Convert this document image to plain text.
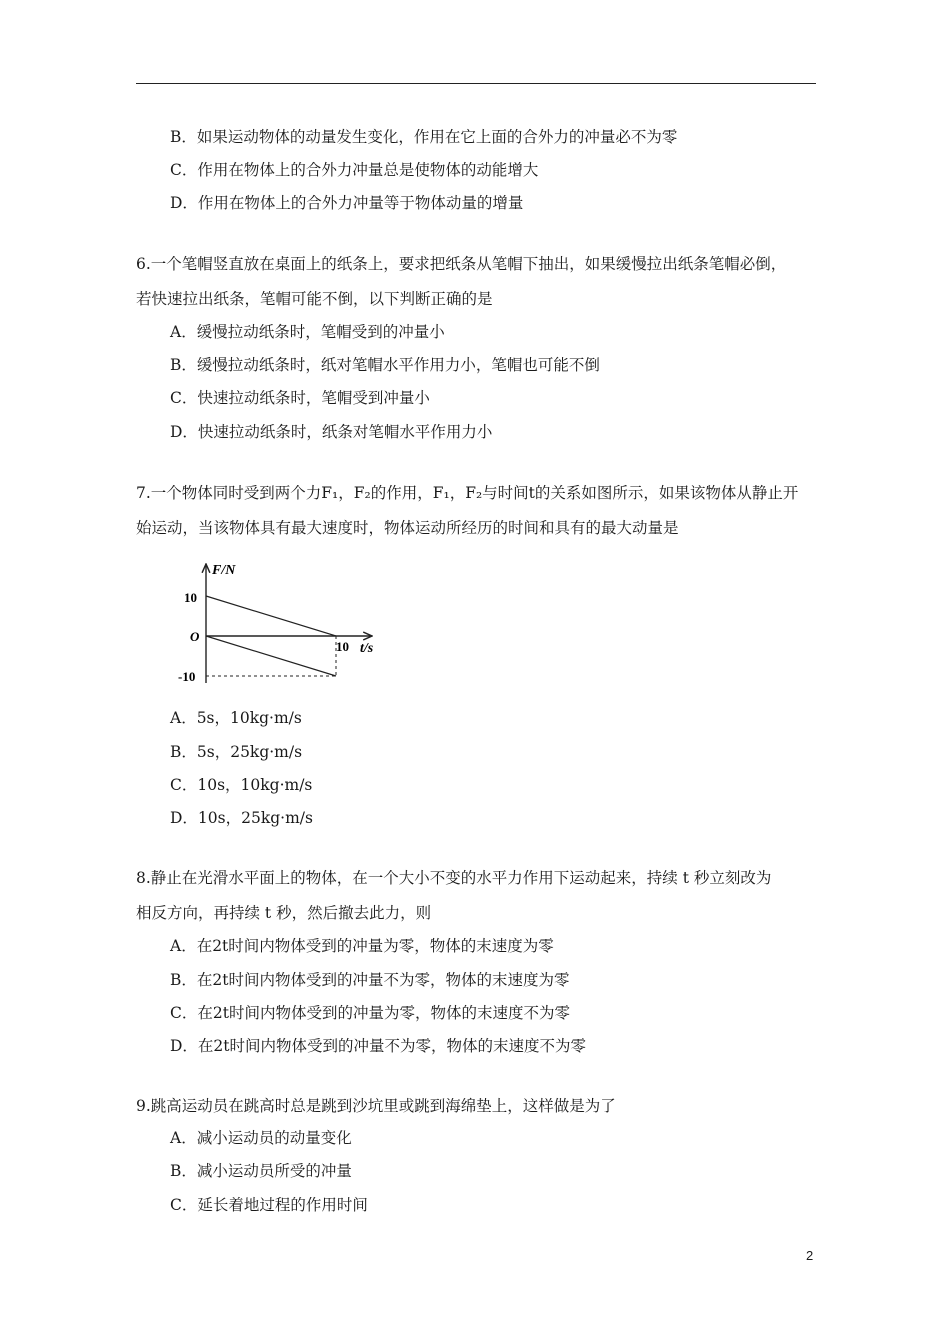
B．如果运动物体的动量发生变化，作用在它上面的合外力的冲量必不为零
C．作用在物体上的合外力冲量总是使物体的动能增大
D．作用在物体上的合外力冲量等于物体动量的增量
6.一个笔帽竖直放在桌面上的纸条上，要求把纸条从笔帽下抽出，如果缓慢拉出纸条笔帽必倒，
若快速拉出纸条，笔帽可能不倒，以下判断正确的是
A．缓慢拉动纸条时，笔帽受到的冲量小
B．缓慢拉动纸条时，纸对笔帽水平作用力小，笔帽也可能不倒
C．快速拉动纸条时，笔帽受到冲量小
D．快速拉动纸条时，纸条对笔帽水平作用力小
7.一个物体同时受到两个力F₁，F₂的作用，F₁，F₂与时间t的关系如图所示，如果该物体从静止开
始运动，当该物体具有最大速度时，物体运动所经历的时间和具有的最大动量是
F/N
10
O
-10
10 t/s
A．5s，10kg·m/s
B．5s，25kg·m/s
C．10s，10kg·m/s
D．10s，25kg·m/s
8.静止在光滑水平面上的物体，在一个大小不变的水平力作用下运动起来，持续 t 秒立刻改为
相反方向，再持续 t 秒，然后撤去此力，则
A．在2t时间内物体受到的冲量为零，物体的末速度为零
B．在2t时间内物体受到的冲量不为零，物体的末速度为零
C．在2t时间内物体受到的冲量为零，物体的末速度不为零
D．在2t时间内物体受到的冲量不为零，物体的末速度不为零
9.跳高运动员在跳高时总是跳到沙坑里或跳到海绵垫上，这样做是为了
A．减小运动员的动量变化
B．减小运动员所受的冲量
C．延长着地过程的作用时间
2
